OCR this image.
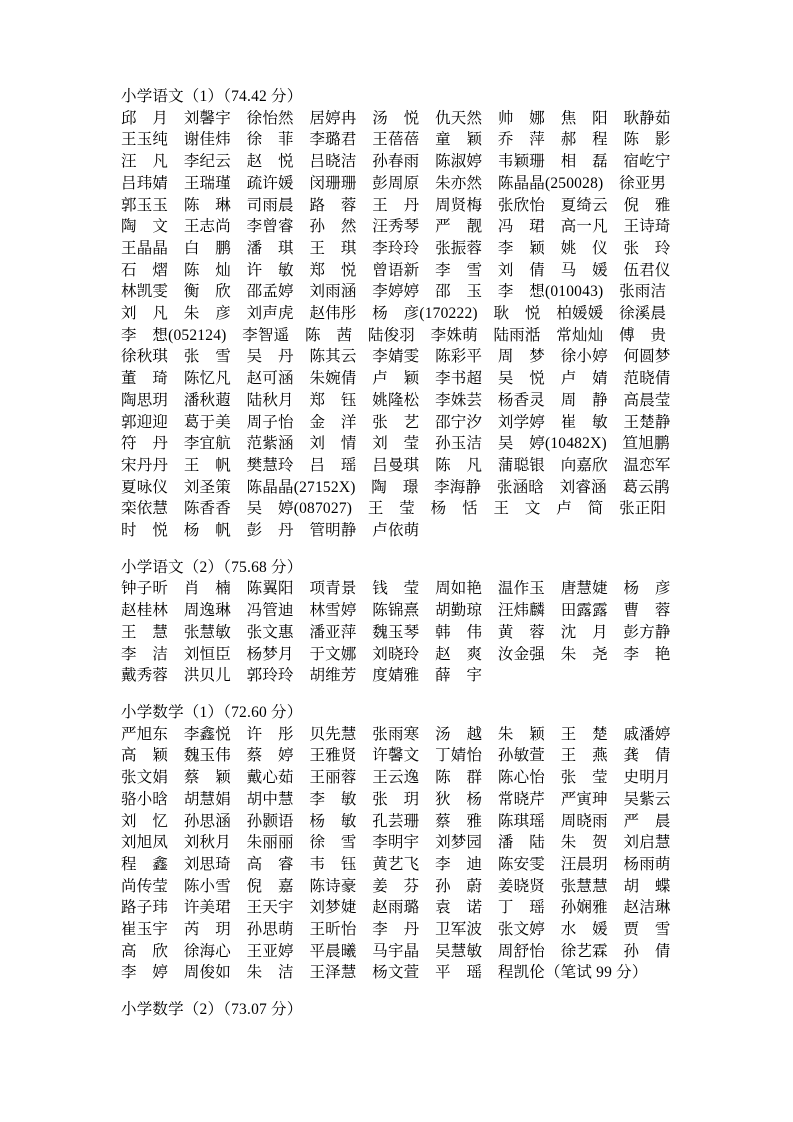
小学语文（1）（74.42 分）
邱　月　 刘馨宇　 徐怡然　 居婷冉　 汤　悦　 仇天然　 帅　娜　 焦　阳　 耿静茹
王玉纯　 谢佳炜　 徐　菲　 李璐君　 王蓓蓓　 童　颖　 乔　萍　 郝　程　 陈　影
汪　凡　 李纪云　 赵　悦　 吕晓洁　 孙春雨　 陈淑婷　 韦颖珊　 相　磊　 宿屹宁
吕玮婧　 王瑞瑾　 疏许媛　 闵珊珊　 彭周原　 朱亦然　 陈晶晶(250028)　 徐亚男
郭玉玉　 陈　琳　 司雨晨　 路　蓉　 王　丹　 周贤梅　 张欣怡　 夏绮云　 倪　雅
陶　文　 王志尚　 李曾睿　 孙　然　 汪秀琴　 严　靓　 冯　珺　 高一凡　 王诗琦
王晶晶　 白　鹏　 潘　琪　 王　琪　 李玲玲　 张振蓉　 李　颖　 姚　仪　 张　玲
石　熠　 陈　灿　 许　敏　 郑　悦　 曾语新　 李　雪　 刘　倩　 马　媛　 伍君仪
林凯雯　 衡　欣　 邵孟婷　 刘雨涵　 李婷婷　 邵　玉　 李　想(010043)　 张雨洁
刘　凡　 朱　彦　 刘声虎　 赵伟彤　 杨　彦(170222)　 耿　悦　 柏媛媛　 徐溪晨
李　想(052124)　 李智遥　 陈　茜　 陆俊羽　 李姝萌　 陆雨湉　 常灿灿　 傅　贵
徐秋琪　 张　雪　 吴　丹　 陈其云　 李婧雯　 陈彩平　 周　梦　 徐小婷　 何圆梦
董　琦　 陈忆凡　 赵可涵　 朱婉倩　 卢　颖　 李书超　 吴　悦　 卢　婧　 范晓倩
陶思玥　 潘秋蕸　 陆秋月　 郑　钰　 姚隆松　 李姝芸　 杨香灵　 周　静　 高晨莹
郭迎迎　 葛于美　 周子怡　 金　洋　 张　艺　 邵宁汐　 刘学婷　 崔　敏　 王楚静
符　丹　 李宜航　 范紫涵　 刘　情　 刘　莹　 孙玉洁　 吴　婷(10482X)　 笪旭鹏
宋丹丹　 王　帆　 樊慧玲　 吕　瑶　 吕曼琪　 陈　凡　 蒲聪银　 向嘉欣　 温恋军
夏咏仪　 刘圣策　 陈晶晶(27152X)　 陶　璟　 李海静　 张涵晗　 刘睿涵　 葛云鹃
栾依慧　 陈香香　 吴　婷(087027)　 王　莹　 杨　恬　 王　文　 卢　简　 张正阳
时　悦　 杨　帆　 彭　丹　 管明静　 卢依萌
小学语文（2）（75.68 分）
钟子昕　 肖　楠　 陈翼阳　 项青景　 钱　莹　 周如艳　 温作玉　 唐慧婕　 杨　彦
赵桂林　 周逸琳　 冯管迪　 林雪婷　 陈锦熹　 胡勤琼　 汪炜麟　 田露露　 曹　蓉
王　慧　 张慧敏　 张文惠　 潘亚萍　 魏玉琴　 韩　伟　 黄　蓉　 沈　月　 彭方静
李　洁　 刘恒臣　 杨梦月　 于文娜　 刘晓玲　 赵　爽　 汝金强　 朱　尧　 李　艳
戴秀蓉　 洪贝儿　 郭玲玲　 胡维芳　 度婧雅　 薛　宇
小学数学（1）（72.60 分）
严旭东　 李鑫悦　 许　彤　 贝先慧　 张雨寒　 汤　越　 朱　颖　 王　楚　 戚潘婷
高　颖　 魏玉伟　 蔡　婷　 王雅贤　 许馨文　 丁婧怡　 孙敏萱　 王　燕　 龚　倩
张文娟　 蔡　颖　 戴心茹　 王丽蓉　 王云逸　 陈　群　 陈心怡　 张　莹　 史明月
骆小晗　 胡慧娟　 胡中慧　 李　敏　 张　玥　 狄　杨　 常晓芹　 严寅珅　 吴紫云
刘　忆　 孙思涵　 孙颢语　 杨　敏　 孔芸珊　 蔡　雅　 陈琪瑶　 周晓雨　 严　晨
刘旭凤　 刘秋月　 朱丽丽　 徐　雪　 李明宇　 刘梦园　 潘　陆　 朱　贺　 刘启慧
程　鑫　 刘思琦　 高　睿　 韦　钰　 黄艺飞　 李　迪　 陈安雯　 汪晨玥　 杨雨萌
尚传莹　 陈小雪　 倪　嘉　 陈诗豪　 姜　芬　 孙　蔚　 姜晓贤　 张慧慧　 胡　蝶
路子玮　 许美珺　 王天宇　 刘梦婕　 赵雨璐　 袁　诺　 丁　瑶　 孙娴雅　 赵洁琳
崔玉宇　 芮　玥　 孙思萌　 王昕怡　 李　丹　 卫军波　 张文婷　 水　媛　 贾　雪
高　欣　 徐海心　 王亚婷　 平晨曦　 马宇晶　 吴慧敏　 周舒怡　 徐艺霖　 孙　倩
李　婷　 周俊如　 朱　洁　 王泽慧　 杨文萱　 平　瑶　 程凯伦（笔试 99 分）
小学数学（2）（73.07 分）
